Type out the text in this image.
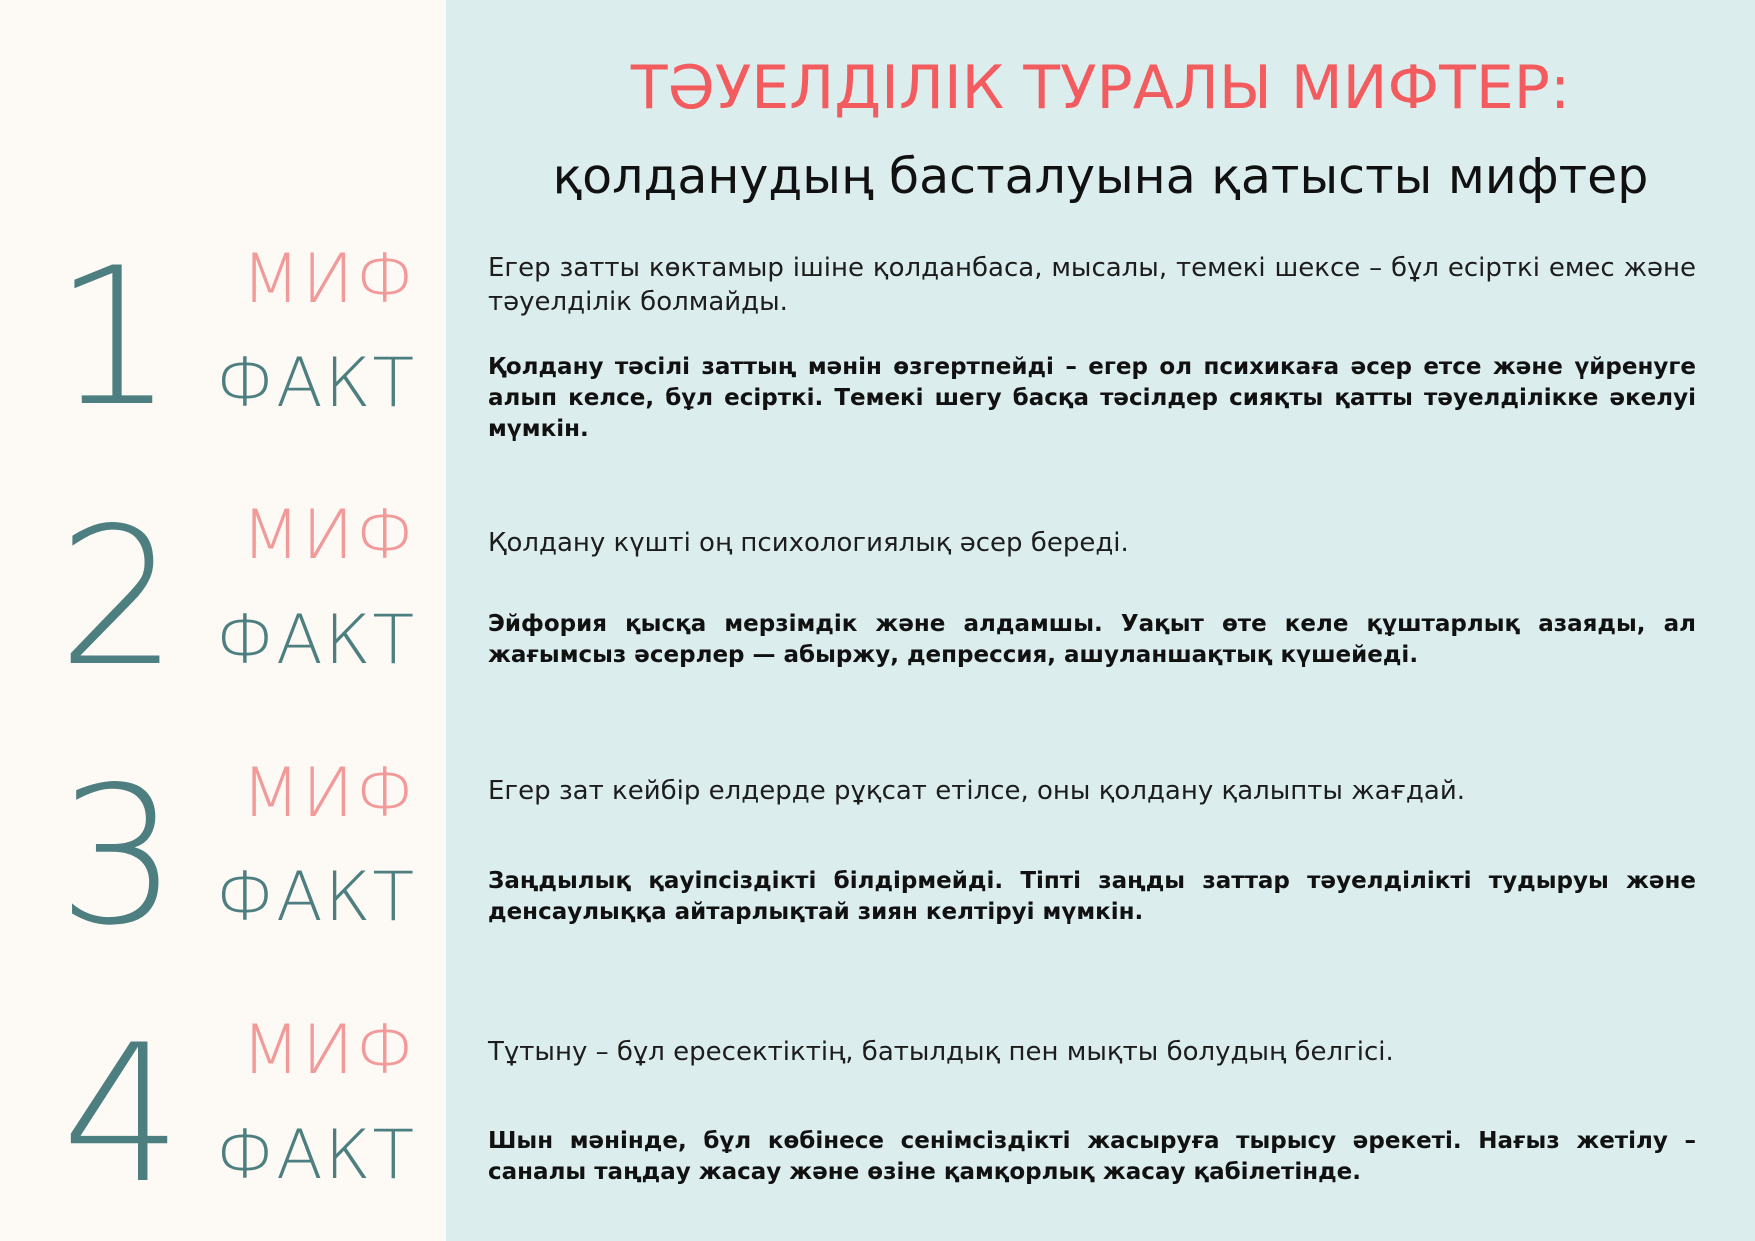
ТӘУЕЛДІЛІК ТУРАЛЫ МИФТЕР:
қолданудың басталуына қатысты мифтер
1 МИФ
ФАКТ
Егер затты көктамыр ішіне қолданбаса, мысалы, темекі шексе – бұл есірткі емес және тәуелділік болмайды.
Қолдану тәсілі заттың мәнін өзгертпейді – егер ол психикаға әсер етсе және үйренуге алып келсе, бұл есірткі. Темекі шегу басқа тәсілдер сияқты қатты тәуелділікке әкелуі мүмкін.
2 МИФ
ФАКТ
Қолдану күшті оң психологиялық әсер береді.
Эйфория қысқа мерзімдік және алдамшы. Уақыт өте келе құштарлық азаяды, ал жағымсыз әсерлер — абыржу, депрессия, ашуланшақтық күшейеді.
3 МИФ
ФАКТ
Егер зат кейбір елдерде рұқсат етілсе, оны қолдану қалыпты жағдай.
Заңдылық қауіпсіздікті білдірмейді. Тіпті заңды заттар тәуелділікті тудыруы және денсаулыққа айтарлықтай зиян келтіруі мүмкін.
4 МИФ
ФАКТ
Тұтыну – бұл ересектіктің, батылдық пен мықты болудың белгісі.
Шын мәнінде, бұл көбінесе сенімсіздікті жасыруға тырысу әрекеті. Нағыз жетілу – саналы таңдау жасау және өзіне қамқорлық жасау қабілетінде.
